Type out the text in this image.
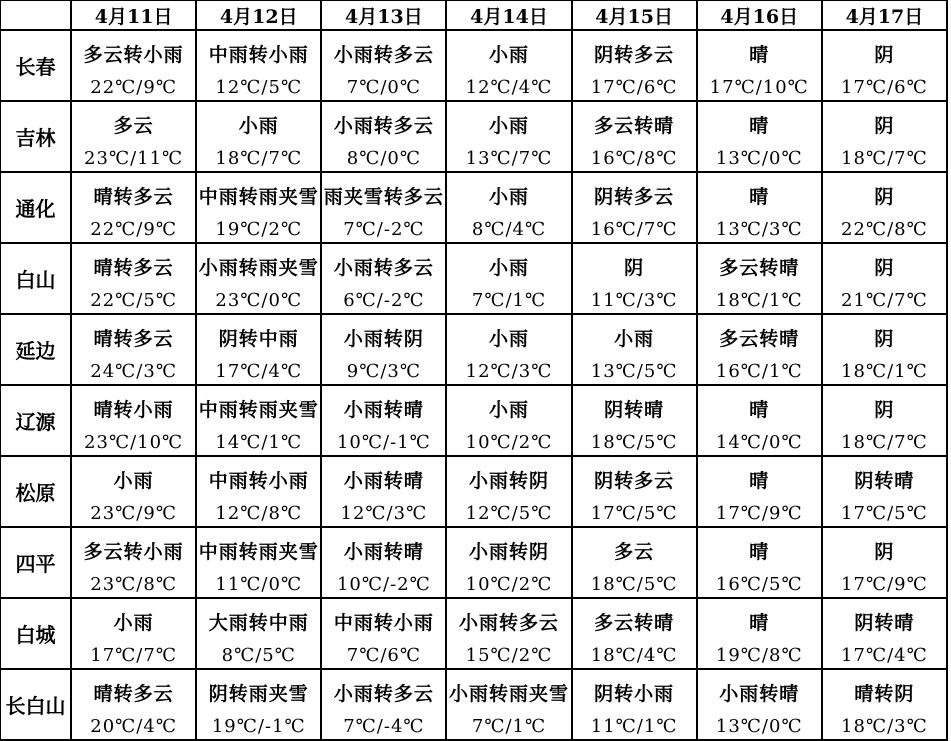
	4月11日	4月12日	4月13日	4月14日	4月15日	4月16日	4月17日
长春	多云转小雨	中雨转小雨	小雨转多云	小雨	阴转多云	晴	阴
	22℃/9℃	12℃/5℃	7℃/0℃	12℃/4℃	17℃/6℃	17℃/10℃	17℃/6℃
吉林	多云	小雨	小雨转多云	小雨	多云转晴	晴	阴
	23℃/11℃	18℃/7℃	8℃/0℃	13℃/7℃	16℃/8℃	13℃/0℃	18℃/7℃
通化	晴转多云	中雨转雨夹雪	雨夹雪转多云	小雨	阴转多云	晴	阴
	22℃/9℃	19℃/2℃	7℃/-2℃	8℃/4℃	16℃/7℃	13℃/3℃	22℃/8℃
白山	晴转多云	小雨转雨夹雪	小雨转多云	小雨	阴	多云转晴	阴
	22℃/5℃	23℃/0℃	6℃/-2℃	7℃/1℃	11℃/3℃	18℃/1℃	21℃/7℃
延边	晴转多云	阴转中雨	小雨转阴	小雨	小雨	多云转晴	阴
	24℃/3℃	17℃/4℃	9℃/3℃	12℃/3℃	13℃/5℃	16℃/1℃	18℃/1℃
辽源	晴转小雨	中雨转雨夹雪	小雨转晴	小雨	阴转晴	晴	阴
	23℃/10℃	14℃/1℃	10℃/-1℃	10℃/2℃	18℃/5℃	14℃/0℃	18℃/7℃
松原	小雨	中雨转小雨	小雨转晴	小雨转阴	阴转多云	晴	阴转晴
	23℃/9℃	12℃/8℃	12℃/3℃	12℃/5℃	17℃/5℃	17℃/9℃	17℃/5℃
四平	多云转小雨	中雨转雨夹雪	小雨转晴	小雨转阴	多云	晴	阴
	23℃/8℃	11℃/0℃	10℃/-2℃	10℃/2℃	18℃/5℃	16℃/5℃	17℃/9℃
白城	小雨	大雨转中雨	中雨转小雨	小雨转多云	多云转晴	晴	阴转晴
	17℃/7℃	8℃/5℃	7℃/6℃	15℃/2℃	18℃/4℃	19℃/8℃	17℃/4℃
长白山	晴转多云	阴转雨夹雪	小雨转多云	小雨转雨夹雪	阴转小雨	小雨转晴	晴转阴
	20℃/4℃	19℃/-1℃	7℃/-4℃	7℃/1℃	11℃/1℃	13℃/0℃	18℃/3℃
